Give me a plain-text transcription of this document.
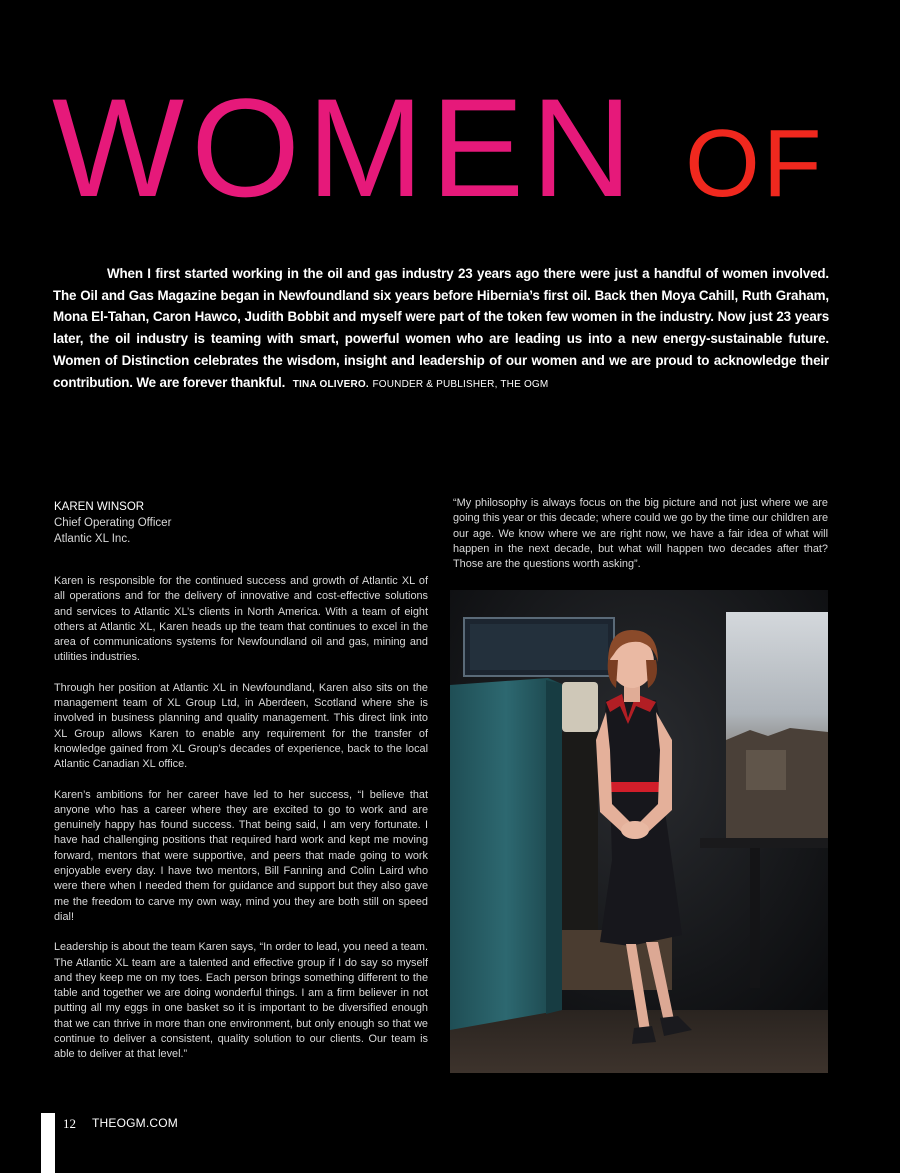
WOMEN OF
When I first started working in the oil and gas industry 23 years ago there were just a handful of women involved. The Oil and Gas Magazine began in Newfoundland six years before Hibernia’s first oil. Back then Moya Cahill, Ruth Graham, Mona El-Tahan, Caron Hawco, Judith Bobbit and myself were part of the token few women in the industry. Now just 23 years later, the oil industry is teaming with smart, powerful women who are leading us into a new energy-sustainable future. Women of Distinction celebrates the wisdom, insight and leadership of our women and we are proud to acknowledge their contribution. We are forever thankful. TINA OLIVERO. FOUNDER & PUBLISHER, THE OGM
KAREN WINSOR
Chief Operating Officer
Atlantic XL Inc.

Karen is responsible for the continued success and growth of Atlantic XL of all operations and for the delivery of innovative and cost-effective solutions and services to Atlantic XL’s clients in North America. With a team of eight others at Atlantic XL, Karen heads up the team that continues to excel in the area of communications systems for Newfoundland oil and gas, mining and utilities industries.

Through her position at Atlantic XL in Newfoundland, Karen also sits on the management team of XL Group Ltd, in Aberdeen, Scotland where she is involved in business planning and quality management. This direct link into XL Group allows Karen to enable any requirement for the transfer of knowledge gained from XL Group’s decades of experience, back to the local Atlantic Canadian XL office.

Karen’s ambitions for her career have led to her success, “I believe that anyone who has a career where they are excited to go to work and are genuinely happy has found success. That being said, I am very fortunate. I have had challenging positions that required hard work and kept me moving forward, mentors that were supportive, and peers that made going to work enjoyable every day. I have two mentors, Bill Fanning and Colin Laird who were there when I needed them for guidance and support but they also gave me the freedom to carve my own way, mind you they are both still on speed dial!

Leadership is about the team Karen says, “In order to lead, you need a team. The Atlantic XL team are a talented and effective group if I do say so myself and they keep me on my toes. Each person brings something different to the table and together we are doing wonderful things. I am a firm believer in not putting all my eggs in one basket so it is important to be diversified enough that we can thrive in more than one environment, but only enough so that we continue to deliver a consistent, quality solution to our clients. Our team is able to deliver at that level.”

“My philosophy is always focus on the big picture and not just where we are going this year or this decade; where could we go by the time our children are our age. We know where we are right now, we have a fair idea of what will happen in the next decade, but what will happen two decades after that? Those are the questions worth asking”.
12 THEOGM.COM
